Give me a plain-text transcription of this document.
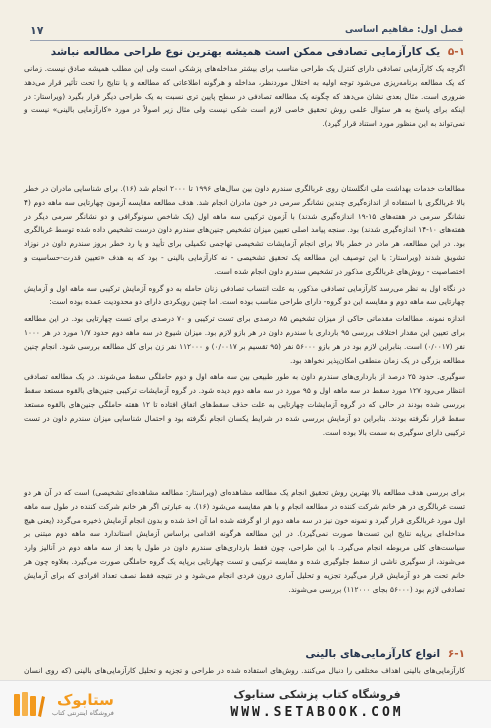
فصل اول: مفاهیم اساسی
۱۷
۵-۱ یک کارآزمایی تصادفی ممکن است همیشه بهترین نوع طراحی مطالعه نباشد

اگرچه یک کارآزمایی تصادفی دارای کنترل یک طراحی مناسب برای بیشتر مداخله‌های پزشکی است ولی این مطلب همیشه صادق نیست. زمانی که یک مطالعه برنامه‌ریزی می‌شود توجه اولیه به اختلال موردنظر، مداخله و هرگونه اطلاعاتی که مطالعه و یا نتایج را تحت تأثیر قرار می‌دهد ضروری است. مثال بعدی نشان می‌دهد که چگونه یک مطالعه تصادفی در سطح پایین تری نسبت به یک طراحی دیگر قرار بگیرد (ویراستار: در اینکه برای پاسخ به هر سئوال علمی روش تحقیق خاصی لازم است شکی نیست ولی مثال زیر اصولاً در مورد «کارآزمایی بالینی» نیست و نمی‌تواند به این منظور مورد استناد قرار گیرد).

مطالعات خدمات بهداشت ملی انگلستان روی غربالگری سندرم داون بین سال‌های ۱۹۹۶ تا ۲۰۰۰ انجام شد (۱۶). برای شناسایی مادران در خطر بالا غربالگری با استفاده از اندازه‌گیری چندین نشانگر سرمی در خون مادران انجام شد. هدف مطالعه مقایسه آزمون چهارتایی سه ماهه دوم (۴ نشانگر سرمی در هفته‌های ۱۵-۱۹ اندازه‌گیری شدند) با آزمون ترکیبی سه ماهه اول (یک شاخص سونوگرافی و دو نشانگر سرمی دیگر در هفته‌های ۱۰-۱۴ اندازه‌گیری شدند) بود. سنجه پیامد اصلی تعیین میزان تشخیص جنین‌های سندرم داون درست تشخیص داده شده توسط غربالگری بود. در این مطالعه، هر مادر در خطر بالا برای انجام آزمایشات تشخیصی تهاجمی تکمیلی برای تأیید و یا رد خطر بروز سندرم داون در نوزاد تشویق شدند (ویراستار: با این توصیف این مطالعه یک تحقیق تشخیصی - نه کارآزمایی بالینی - بود که به هدف «تعیین قدرت-حساسیت و اختصاصیت - روش‌های غربالگری مذکور در تشخیص سندرم داون انجام شده است.

در نگاه اول به نظر می‌رسد کارآزمایی تصادفی مذکور، به علت انتساب تصادفی زنان حامله به دو گروه آزمایش ترکیبی سه ماهه اول و آزمایش چهارتایی سه ماهه دوم و مقایسه این دو گروه- دارای طراحی مناسب بوده است. اما چنین رویکردی دارای دو محدودیت عمده بوده است:

اندازه نمونه. مطالعات مقدماتی حاکی از میزان تشخیص ۸۵ درصدی برای تست ترکیبی و ۷۰ درصدی برای تست چهارتایی بود. در این مطالعه برای تعیین این مقدار اختلاف بررسی ۹۵ بارداری با سندرم داون در هر بازو لازم بود. میزان شیوع در سه ماهه دوم حدود ۱/۷ مورد در هر ۱۰۰۰ نفر (۰/۰۰۱۷) است. بنابراین لازم بود در هر بازو ۵۶۰۰۰ نفر (۹۵ تقسیم بر ۰/۰۰۱۷) و ۱۱۲۰۰۰ نفر زن برای کل مطالعه بررسی شود. انجام چنین مطالعه بزرگی در یک زمان منطقی امکان‌پذیر نخواهد بود.

سوگیری. حدود ۲۵ درصد از بارداری‌های سندرم داون به طور طبیعی بین سه ماهه اول و دوم حاملگی سقط می‌شوند. در یک مطالعه تصادفی انتظار می‌رود ۱۲۷ مورد سقط در سه ماهه اول و ۹۵ مورد در سه ماهه دوم دیده شود. در گروه آزمایشات ترکیبی جنین‌های بالقوه مستعد سقط بررسی شده بودند در حالی که در گروه آزمایشات چهارتایی به علت حذف سقط‌های اتفاق افتاده تا ۱۲ هفته حاملگی جنین‌های بالقوه مستعد سقط قرار نگرفته بودند. بنابراین دو آزمایش بررسی شده در شرایط یکسان انجام نگرفته بود و احتمال شناسایی میزان سندرم داون در تست ترکیبی دارای سوگیری به سمت بالا بوده است.

برای بررسی هدف مطالعه بالا بهترین روش تحقیق انجام یک مطالعه مشاهده‌ای (ویراستار: مطالعه مشاهده‌ای تشخیصی) است که در آن هر دو تست غربالگری در هر خانم شرکت کننده در مطالعه انجام و با هم مقایسه می‌شود (۱۶). به عبارتی اگر هر خانم شرکت کننده در طول سه ماهه اول مورد غربالگری قرار گیرد و نمونه خون نیز در سه ماهه دوم از او گرفته شده اما آن اخذ شده و بدون انجام آزمایش ذخیره می‌گردد (یعنی هیچ مداخله‌ای برپایه نتایج این تست‌ها صورت نمی‌گیرد). در این مطالعه هرگونه اقدامی براساس آزمایش استاندارد سه ماهه دوم مبتنی بر سیاست‌های کلی مربوطه انجام می‌گیرد. با این طراحی، چون فقط بارداری‌های سندرم داون در طول یا بعد از سه ماهه دوم در آنالیز وارد می‌شوند، از سوگیری ناشی از سقط جلوگیری شده و مقایسه ترکیبی و تست چهارتایی برپایه یک گروه حاملگی صورت می‌گیرد. بعلاوه چون هر خانم تحت هر دو آزمایش قرار می‌گیرد تجزیه و تحلیل آماری درون فردی انجام می‌شود و در نتیجه فقط نصف تعداد افرادی که برای آزمایش تصادفی لازم بود (۵۶۰۰۰ بجای ۱۱۲۰۰۰) بررسی می‌شوند.

۶-۱ انواع کارآزمایی‌های بالینی

کارآزمایی‌های بالینی اهداف مختلفی را دنبال می‌کنند. روش‌های استفاده شده در طراحی و تجزیه و تحلیل کارآزمایی‌های بالینی (که روی انسان

ستابوک
فروشگاه اینترنتی کتاب
فروشگاه کتاب پزشکی ستابوک
WWW.SETABOOK.COM
